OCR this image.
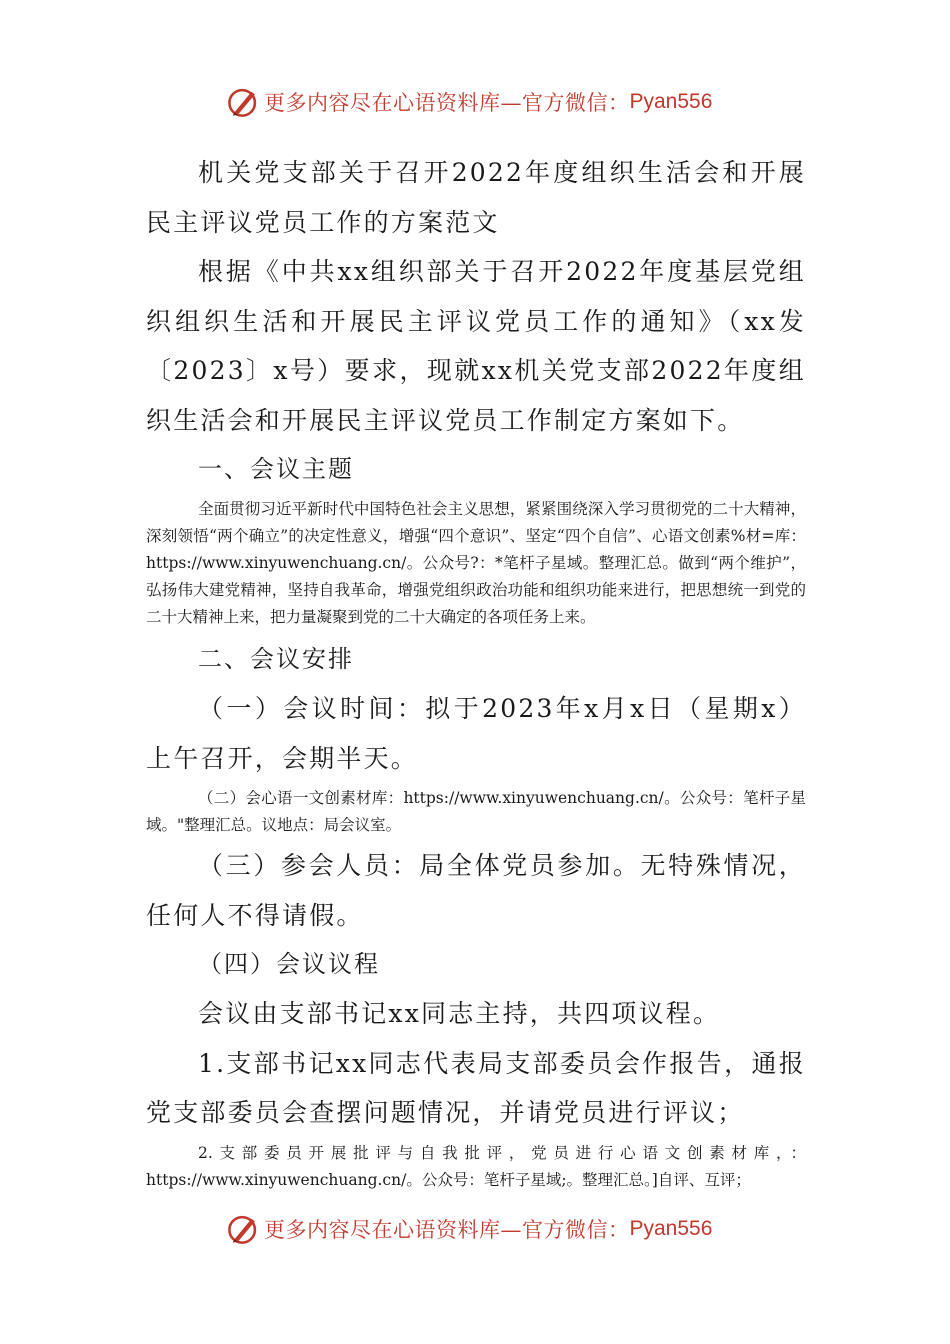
更多内容尽在心语资料库—官方微信： Pyan556

机关党支部关于召开2022年度组织生活会和开展民主评议党员工作的方案范文

根据《中共xx组织部关于召开2022年度基层党组织组织生活和开展民主评议党员工作的通知》（xx发〔2023〕x号）要求，现就xx机关党支部2022年度组织生活会和开展民主评议党员工作制定方案如下。

一、会议主题

全面贯彻习近平新时代中国特色社会主义思想，紧紧围绕深入学习贯彻党的二十大精神，深刻领悟“两个确立”的决定性意义，增强“四个意识”、坚定“四个自信”、心语文创素%材=库：https://www.xinyuwenchuang.cn/。公众号?：*笔杆子星域。整理汇总。做到“两个维护”，弘扬伟大建党精神，坚持自我革命，增强党组织政治功能和组织功能来进行，把思想统一到党的二十大精神上来，把力量凝聚到党的二十大确定的各项任务上来。

二、会议安排

（一）会议时间：拟于2023年x月x日（星期x）上午召开，会期半天。

（二）会心语一文创素材库：https://www.xinyuwenchuang.cn/。公众号：笔杆子星域。"整理汇总。议地点：局会议室。

（三）参会人员：局全体党员参加。无特殊情况，任何人不得请假。

（四）会议议程

会议由支部书记xx同志主持，共四项议程。

1.支部书记xx同志代表局支部委员会作报告，通报党支部委员会查摆问题情况，并请党员进行评议；

2.支部委员开展批评与自我批评，党员进行心语文创素材库，：https://www.xinyuwenchuang.cn/。公众号：笔杆子星域;。整理汇总。]自评、互评；

更多内容尽在心语资料库—官方微信： Pyan556
